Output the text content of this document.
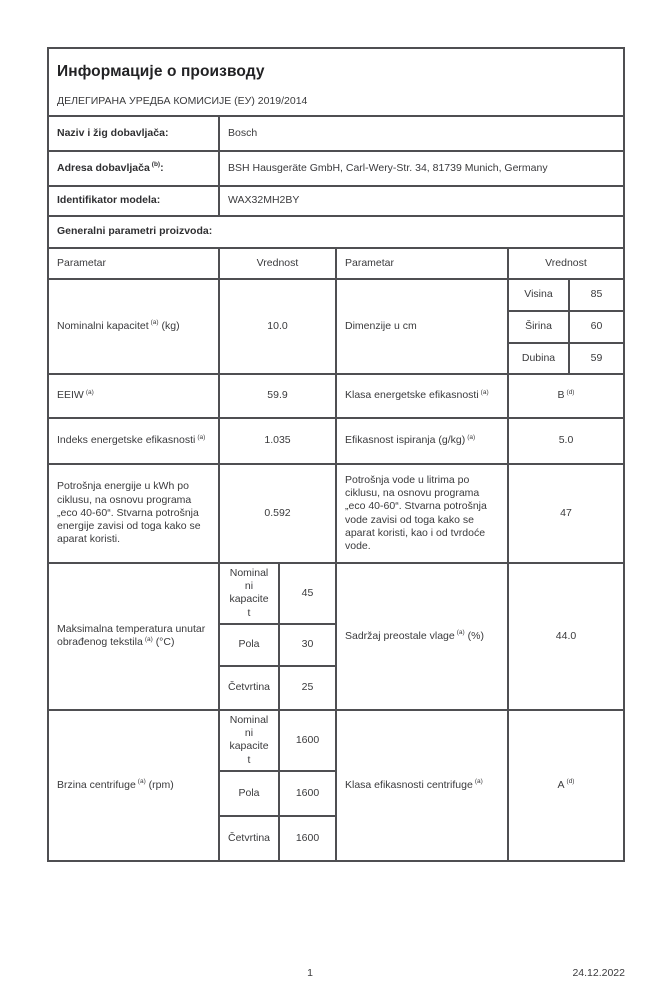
Информације о производу
ДЕЛЕГИРАНА УРЕДБА КОМИСИЈЕ (ЕУ) 2019/2014					

Naziv i žig dobavljača:	Bosch				
Adresa dobavljača $^{(b)}$:	BSH Hausgeräte GmbH, Carl-Wery-Str. 34, 81739 Munich, Germany				
Identifikator modela:	WAX32MH2BY				
Generalni parametri proizvoda:					
Parametar	Vrednost		Parametar	Vrednost	
Nominalni kapacitet $^{(a)}$ (kg)	10.0		Dimenzije u cm	Visina	85
				Širina	60
				Dubina	59
EEIW $^{(a)}$	59.9		Klasa energetske efikasnosti $^{(a)}$	B $^{(d)}$
Indeks energetske efikasnosti $^{(a)}$	1.035		Efikasnost ispiranja (g/kg) $^{(a)}$	5.0	
Potrošnja energije u kWh po ciklusu, na osnovu programa „eco 40-60“. Stvarna potrošnja energije zavisi od toga kako se aparat koristi.	0.592		Potrošnja vode u litrima po ciklusu, na osnovu programa „eco 40-60“. Stvarna potrošnja vode zavisi od toga kako se aparat koristi, kao i od tvrdoće vode.	47	
Maksimalna temperatura unutar obrađenog tekstila $^{(a)}$ (°C)	Nominalni kapacitet	45	Sadržaj preostale vlage $^{(a)}$ (%)	44.0	
	Pola	30			
	Četvrtina	25			
Brzina centrifuge $^{(a)}$ (rpm)	Nominalni kapacitet	1600	Klasa efikasnosti centrifuge $^{(a)}$	A $^{(d)}$
	Pola	1600			
	Četvrtina	1600			
1	24.12.2022
